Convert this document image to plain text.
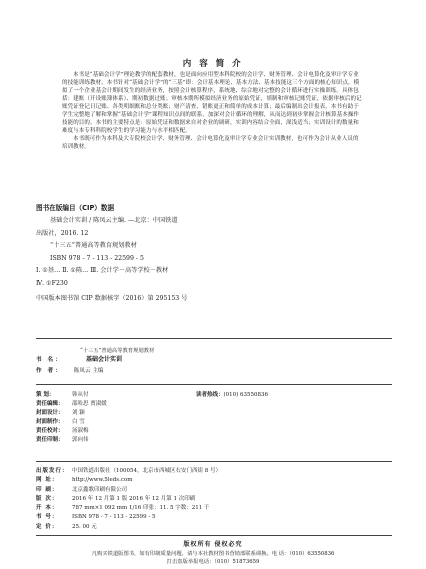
内 容 简 介

本书是“基础会计学”理论教学的配套教材，也是面向应用型本科院校的会计学、财务管理、会计电算化及审计学专业的技能训练教材。本书针对“基础会计学”的“三基”即：会计基本理论、基本方法、基本技能这三个方面的核心知识点，模拟了一个企业基会计期间发生的经济业务，按照会计核算程序，系统地、综合地对完整的会计循环进行实操训练。具体包括：建账（开设账簿体系）、期初数据过账；审核本期所模拟经济业务的原始凭证，填制和审核记账凭证，依据审核后的记账凭证登记日记账、各类明细账和总分类账；财产清查、错账更正和简单的成本计算；最后编制出会计报表。本书有助于学生完整地了解和掌握“基础会计学”课程知识点间的联系，加深对会计循环的理解，从而达到初步掌握会计核算基本操作技能的目的。本书的主要特点是：原始凭证和数据来自对企业的调研，实训内容结合全面，深浅适当；实训设计的数量和难度与本专科科院校学生的学习能力与水平相匹配。

本书既可作为本科及大专院校会计学、财务管理、会计电算化及审计学专业会计实训教材，也可作为会计从业人员的培训教材。

图书在版编目（CIP）数据

基础会计实训 / 陈凤云主编. —北京：中国铁道

出版社，2016. 12

“十三五”普通高等教育规划教材

ISBN 978 - 7 - 113 - 22599 - 5

Ⅰ. ①基… Ⅱ. ①陈… Ⅲ. 会计学－高等学校－教材

Ⅳ. ①F230

中国版本图书馆 CIP 数据核字（2016）第 295153 号

书 名：
“十三五”普通高等教育规划教材
基础会计实训
作 者： 陈凤云 主编
策 划：	韩从付	读者热线：(010) 63550836
责任编辑： 邵哈思 贾淑媛
封面设计： 刘 颖
封面制作： 白 雪
责任校对： 汤淑梅
责任印制： 郭向伟
出版发行： 中国铁道出版社（100054，北京市西城区右安门西街 8 号）
网 址： http://www.5leds.com
印 刷： 北京鑫歌印刷有限公司
版 次： 2016 年 12 月第 1 版 2016 年 12 月第 1 次印刷
开 本： 787 mm×1 092 mm 1/16 印张：11. 5 字数：211 千
书 号： ISBN 978 - 7 - 113 - 22599 - 5
定 价： 25. 00 元
版权所有 侵权必究
凡购买铁道版图书，如有印制质量问题，请与本社教材图书营销部联系调换。电 话：（010）63550836
打击盗版举报电话：（010）51873659
